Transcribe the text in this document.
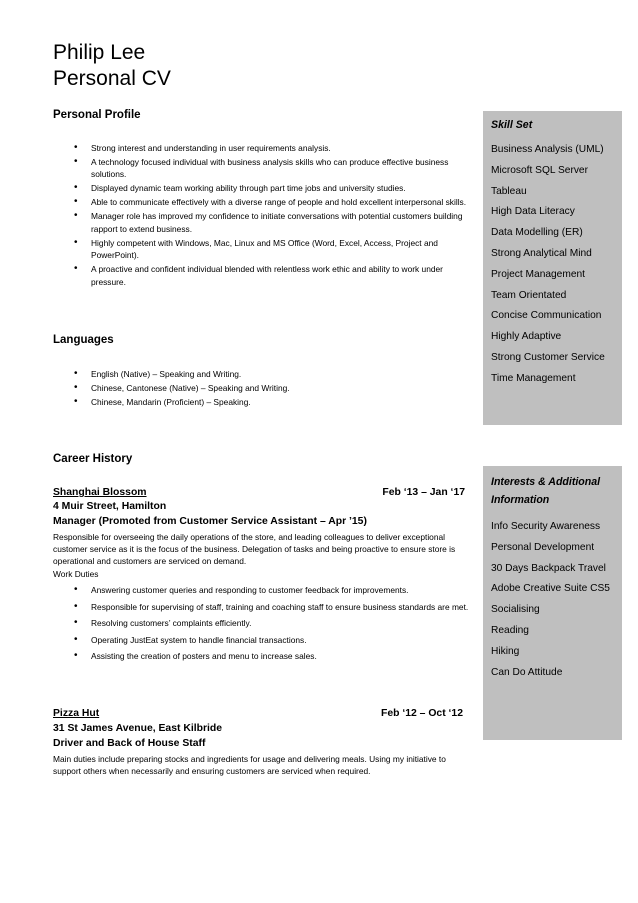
Philip Lee
Personal CV
Personal Profile
• Strong interest and understanding in user requirements analysis.
• A technology focused individual with business analysis skills who can produce effective business solutions.
• Displayed dynamic team working ability through part time jobs and university studies.
• Able to communicate effectively with a diverse range of people and hold excellent interpersonal skills.
• Manager role has improved my confidence to initiate conversations with potential customers building rapport to extend business.
• Highly competent with Windows, Mac, Linux and MS Office (Word, Excel, Access, Project and PowerPoint).
• A proactive and confident individual blended with relentless work ethic and ability to work under pressure.
Languages
• English (Native) – Speaking and Writing.
• Chinese, Cantonese (Native) – Speaking and Writing.
• Chinese, Mandarin (Proficient) – Speaking.
Career History
Shanghai Blossom	Feb ‘13 – Jan ‘17
4 Muir Street, Hamilton
Manager (Promoted from Customer Service Assistant – Apr ’15)
Responsible for overseeing the daily operations of the store, and leading colleagues to deliver exceptional customer service as it is the focus of the business. Delegation of tasks and being proactive to ensure store is operational and customers are serviced on demand.
Work Duties
• Answering customer queries and responding to customer feedback for improvements.
• Responsible for supervising of staff, training and coaching staff to ensure business standards are met.
• Resolving customers’ complaints efficiently.
• Operating JustEat system to handle financial transactions.
• Assisting the creation of posters and menu to increase sales.
Pizza Hut	Feb ‘12 – Oct ‘12
31 St James Avenue, East Kilbride
Driver and Back of House Staff
Main duties include preparing stocks and ingredients for usage and delivering meals. Using my initiative to support others when necessarily and ensuring customers are serviced when required.
Skill Set
Business Analysis (UML)
Microsoft SQL Server
Tableau
High Data Literacy
Data Modelling (ER)
Strong Analytical Mind
Project Management
Team Orientated
Concise Communication
Highly Adaptive
Strong Customer Service
Time Management
Interests & Additional Information
Info Security Awareness
Personal Development
30 Days Backpack Travel
Adobe Creative Suite CS5
Socialising
Reading
Hiking
Can Do Attitude
